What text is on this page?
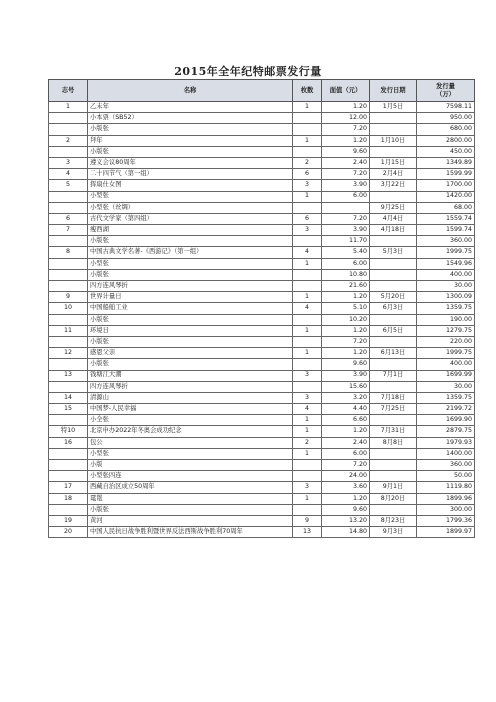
2015年全年纪特邮票发行量
志号	名称	枚数	面值（元）	发行日期	发行量
（万）
1	乙未年	1	1.20	1月5日	7598.11
	小本票（SB52）		12.00		950.00
	小版张		7.20		680.00
2	拜年	1	1.20	1月10日	2800.00
	小版张		9.60		450.00
3	遵义会议80周年	2	2.40	1月15日	1349.89
4	二十四节气（第一组）	6	7.20	2月4日	1599.99
5	挥扇仕女图	3	3.90	3月22日	1700.00
	小型张	1	6.00		1420.00
	小型张（丝绸）			9月25日	68.00
6	古代文学家（第四组）	6	7.20	4月4日	1559.74
7	瘦西湖	3	3.90	4月18日	1599.74
	小版张		11.70		360.00
8	中国古典文学名著-《西游记》（第一组）	4	5.40	5月3日	1999.75
	小型张	1	6.00		1549.96
	小版张		10.80		400.00
	四方连风琴折		21.60		30.00
9	世界计量日	1	1.20	5月20日	1300.09
10	中国船舶工业	4	5.10	6月3日	1359.75
	小版张		10.20		190.00
11	环境日	1	1.20	6月5日	1279.75
	小版张		7.20		220.00
12	感恩父亲	1	1.20	6月13日	1999.75
	小版张		9.60		400.00
13	钱塘江大潮	3	3.90	7月1日	1699.99
	四方连风琴折		15.60		30.00
14	清源山	3	3.20	7月18日	1359.75
15	中国梦-人民幸福	4	4.40	7月25日	2199.72
	小全张	1	6.60		1699.90
特10	北京申办2022年冬奥会成功纪念	1	1.20	7月31日	2879.75
16	包公	2	2.40	8月8日	1979.93
	小型张	1	6.00		1400.00
	小版		7.20		360.00
	小型张四连		24.00		50.00
17	西藏自治区成立50周年	3	3.60	9月1日	1119.80
18	鼋鼍	1	1.20	8月20日	1899.96
	小版张		9.60		300.00
19	黄河	9	13.20	8月23日	1799.36
20	中国人民抗日战争胜利暨世界反法西斯战争胜利70周年	13	14.80	9月3日	1899.97
